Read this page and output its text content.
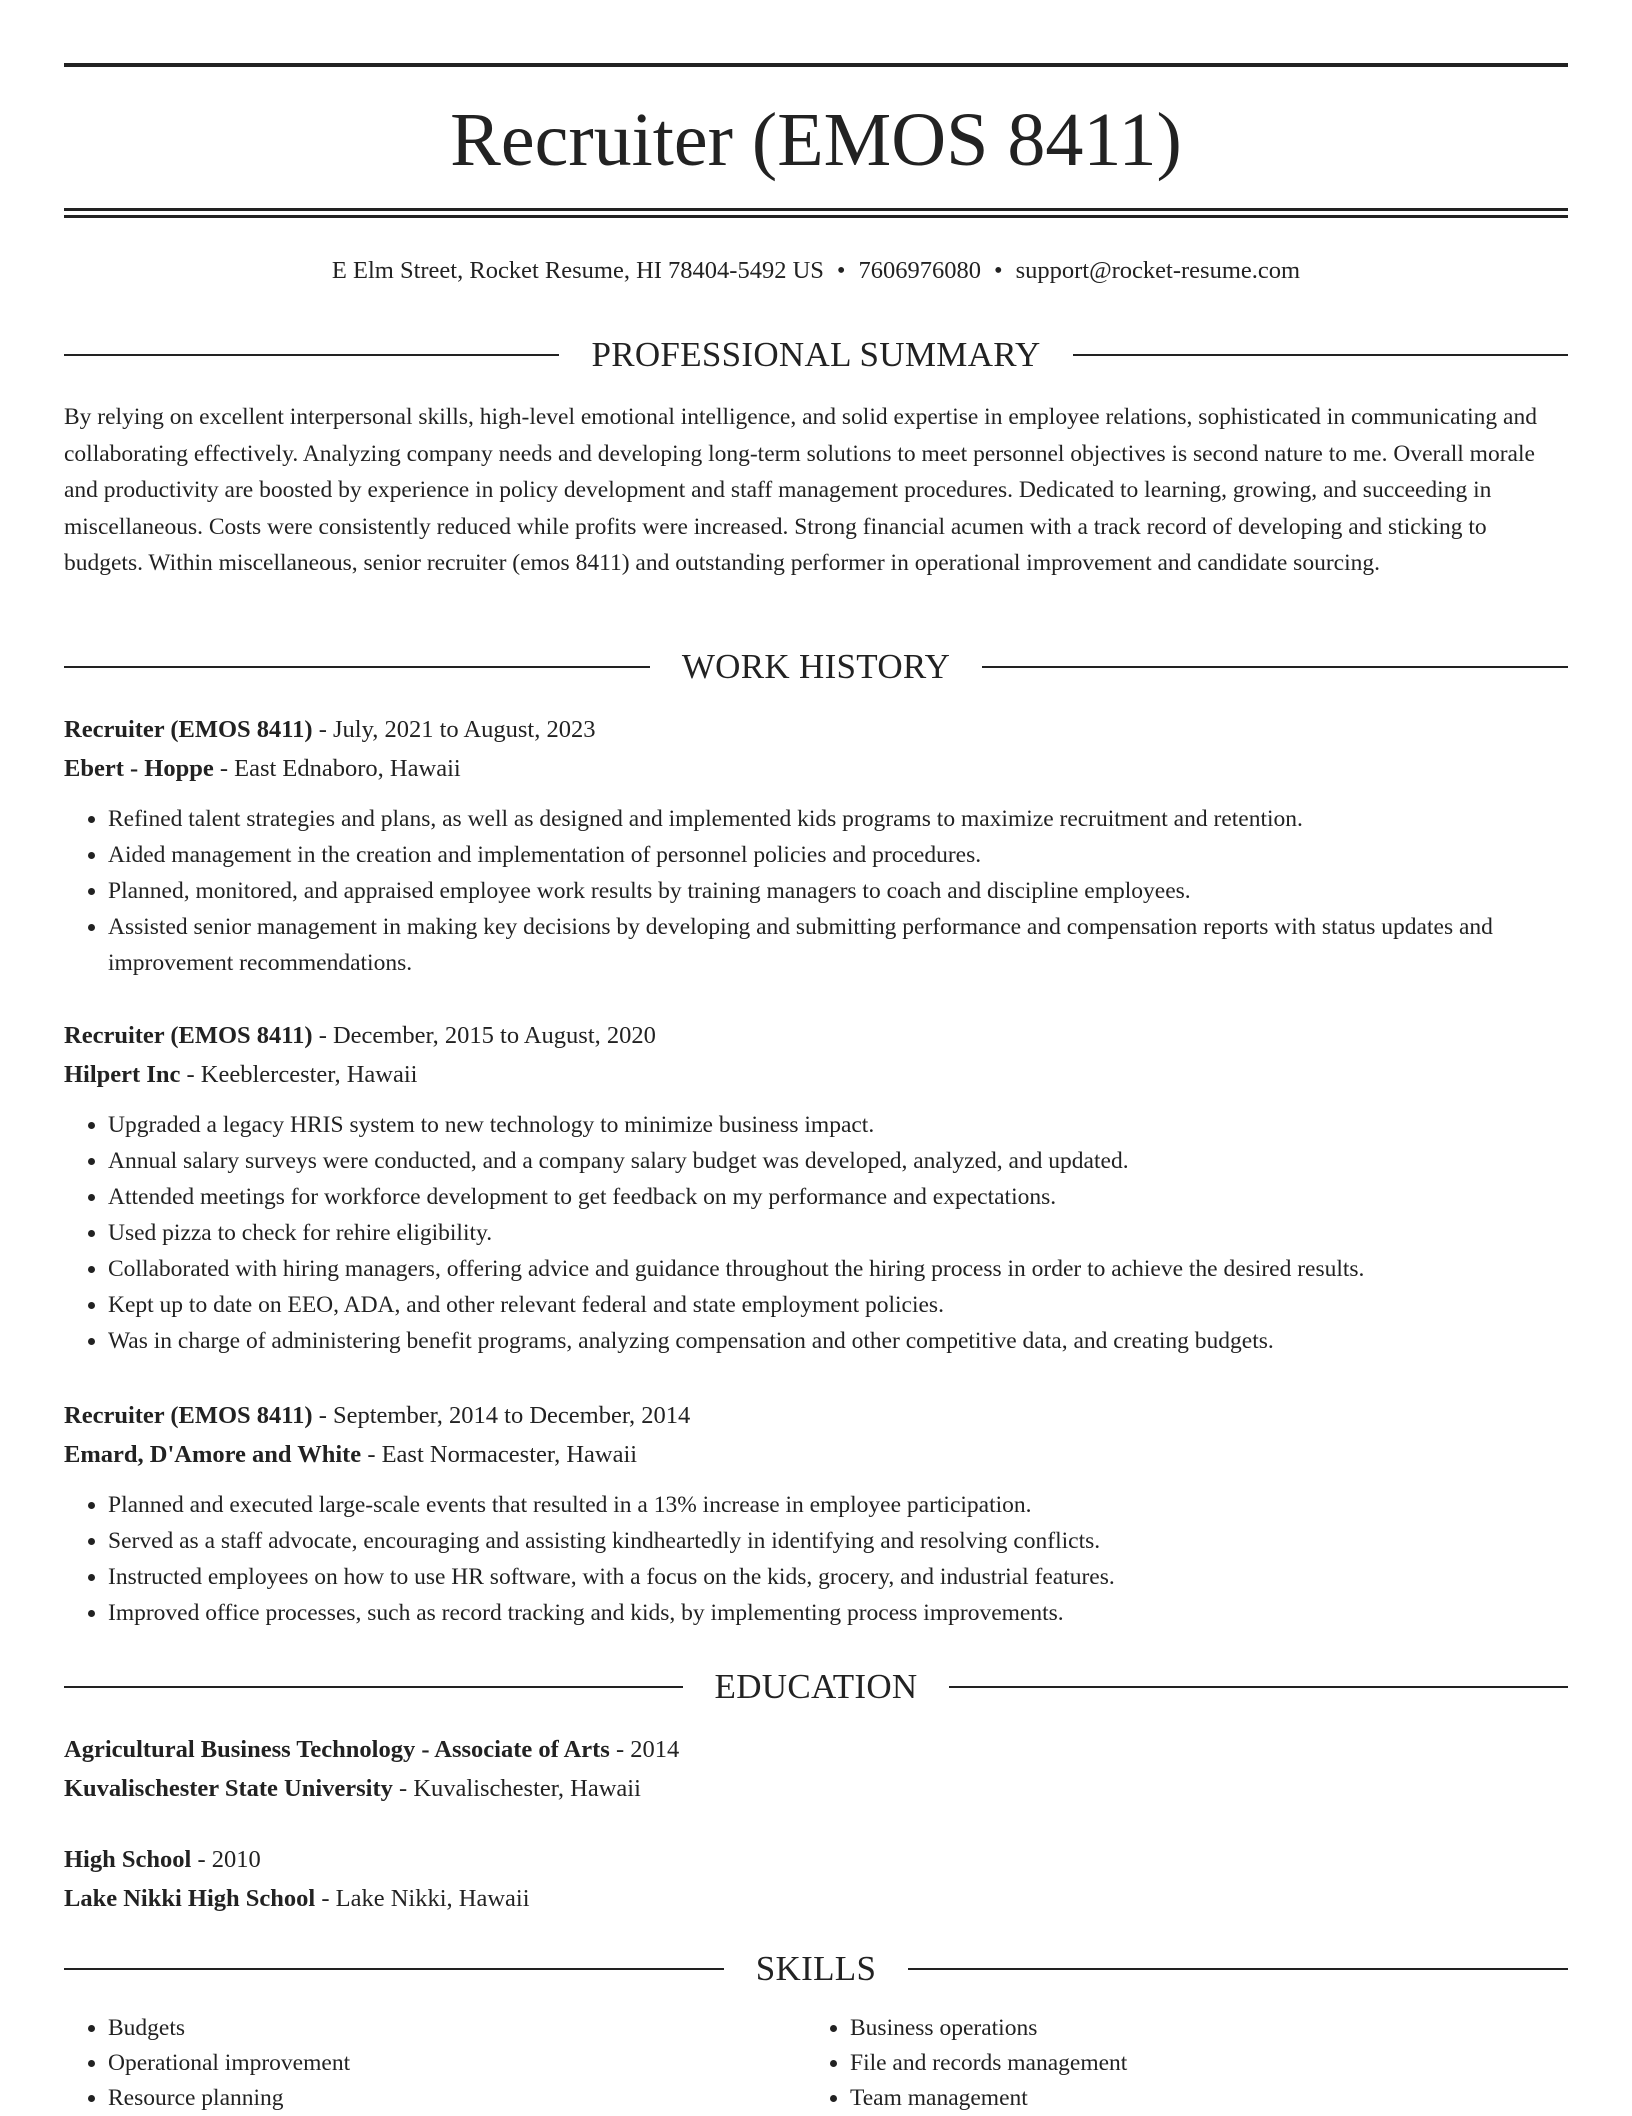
Recruiter (EMOS 8411)
E Elm Street, Rocket Resume, HI 78404-5492 US • 7606976080 • support@rocket-resume.com
PROFESSIONAL SUMMARY

By relying on excellent interpersonal skills, high-level emotional intelligence, and solid expertise in employee relations, sophisticated in communicating and collaborating effectively. Analyzing company needs and developing long-term solutions to meet personnel objectives is second nature to me. Overall morale and productivity are boosted by experience in policy development and staff management procedures. Dedicated to learning, growing, and succeeding in miscellaneous. Costs were consistently reduced while profits were increased. Strong financial acumen with a track record of developing and sticking to budgets. Within miscellaneous, senior recruiter (emos 8411) and outstanding performer in operational improvement and candidate sourcing.

WORK HISTORY
Recruiter (EMOS 8411) - July, 2021 to August, 2023
Ebert - Hoppe - East Ednaboro, Hawaii
• Refined talent strategies and plans, as well as designed and implemented kids programs to maximize recruitment and retention.
• Aided management in the creation and implementation of personnel policies and procedures.
• Planned, monitored, and appraised employee work results by training managers to coach and discipline employees.
• Assisted senior management in making key decisions by developing and submitting performance and compensation reports with status updates and improvement recommendations.
Recruiter (EMOS 8411) - December, 2015 to August, 2020
Hilpert Inc - Keeblercester, Hawaii
• Upgraded a legacy HRIS system to new technology to minimize business impact.
• Annual salary surveys were conducted, and a company salary budget was developed, analyzed, and updated.
• Attended meetings for workforce development to get feedback on my performance and expectations.
• Used pizza to check for rehire eligibility.
• Collaborated with hiring managers, offering advice and guidance throughout the hiring process in order to achieve the desired results.
• Kept up to date on EEO, ADA, and other relevant federal and state employment policies.
• Was in charge of administering benefit programs, analyzing compensation and other competitive data, and creating budgets.
Recruiter (EMOS 8411) - September, 2014 to December, 2014
Emard, D'Amore and White - East Normacester, Hawaii
• Planned and executed large-scale events that resulted in a 13% increase in employee participation.
• Served as a staff advocate, encouraging and assisting kindheartedly in identifying and resolving conflicts.
• Instructed employees on how to use HR software, with a focus on the kids, grocery, and industrial features.
• Improved office processes, such as record tracking and kids, by implementing process improvements.
EDUCATION
Agricultural Business Technology - Associate of Arts - 2014
Kuvalischester State University - Kuvalischester, Hawaii
High School - 2010
Lake Nikki High School - Lake Nikki, Hawaii
SKILLS
• Budgets
• Operational improvement
• Resource planning
• Business operations
• File and records management
• Team management
